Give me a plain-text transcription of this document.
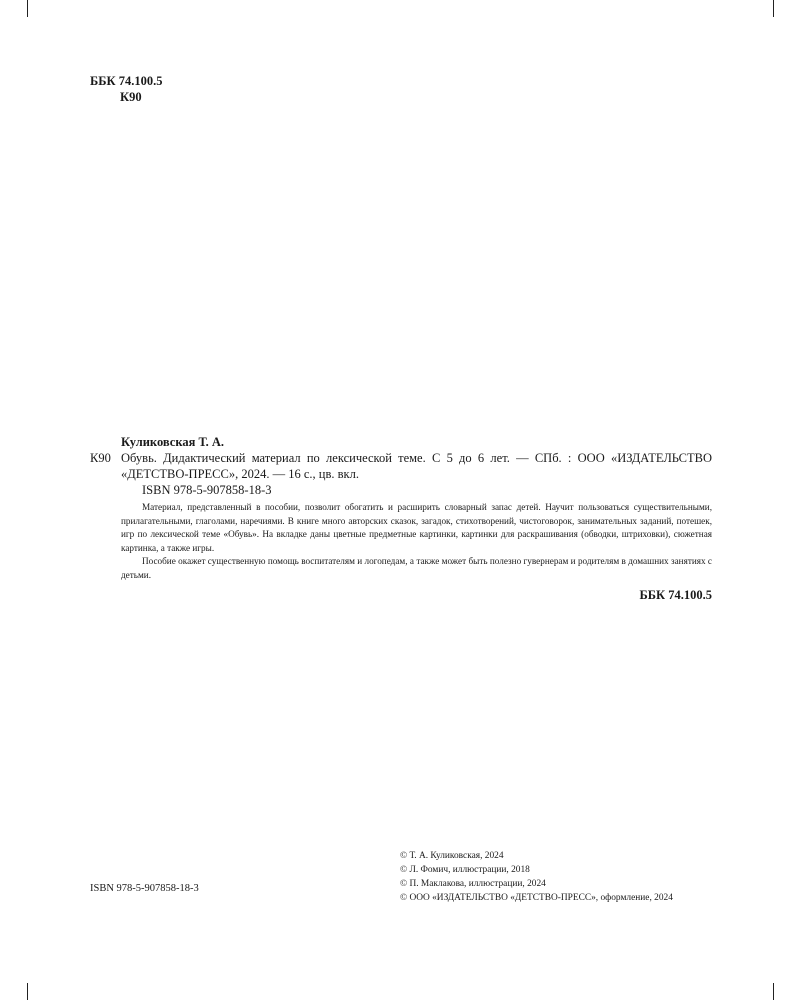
ББК 74.100.5
К90
Куликовская Т. А.
К90 Обувь. Дидактический материал по лексической теме. С 5 до 6 лет. — СПб. : ООО «ИЗДАТЕЛЬСТВО «ДЕТСТВО-ПРЕСС», 2024. — 16 с., цв. вкл.
ISBN 978-5-907858-18-3
Материал, представленный в пособии, позволит обогатить и расширить словарный запас детей. Научит пользоваться существительными, прилагательными, глаголами, наречиями. В книге много авторских сказок, загадок, стихотворений, чистоговорок, занимательных заданий, потешек, игр по лексической теме «Обувь». На вкладке даны цветные предметные картинки, картинки для раскрашивания (обводки, штриховки), сюжетная картинка, а также игры.
Пособие окажет существенную помощь воспитателям и логопедам, а также может быть полезно гувернерам и родителям в домашних занятиях с детьми.
ББК 74.100.5
ISBN 978-5-907858-18-3
© Т. А. Куликовская, 2024
© Л. Фомич, иллюстрации, 2018
© П. Маклакова, иллюстрации, 2024
© ООО «ИЗДАТЕЛЬСТВО «ДЕТСТВО-ПРЕСС», оформление, 2024
